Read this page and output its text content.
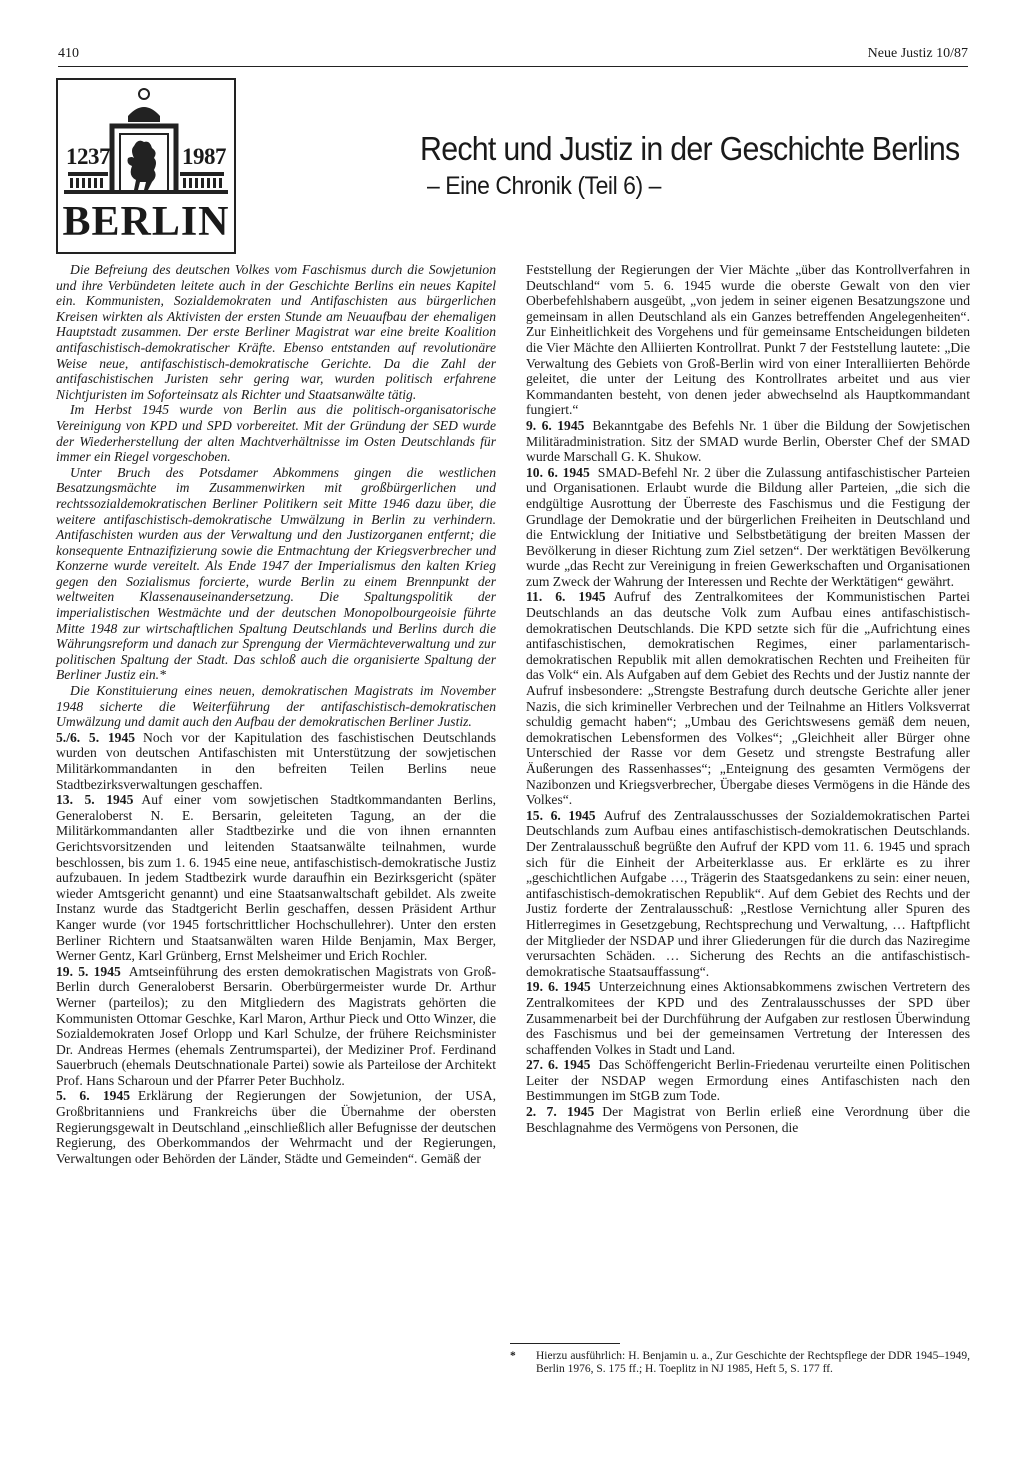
410	Neue Justiz 10/87
1237	1987
BERLIN
Recht und Justiz in der Geschichte Berlins
– Eine Chronik (Teil 6) –

Die Befreiung des deutschen Volkes vom Faschismus durch die Sowjetunion und ihre Verbündeten leitete auch in der Geschichte Berlins ein neues Kapitel ein. Kommunisten, Sozialdemokraten und Antifaschisten aus bürgerlichen Kreisen wirkten als Aktivisten der ersten Stunde am Neuaufbau der ehemaligen Hauptstadt zusammen. Der erste Berliner Magistrat war eine breite Koalition antifaschistisch-demokratischer Kräfte. Ebenso entstanden auf revolutionäre Weise neue, antifaschistisch-demokratische Gerichte. Da die Zahl der antifaschistischen Juristen sehr gering war, wurden politisch erfahrene Nichtjuristen im Soforteinsatz als Richter und Staatsanwälte tätig.

Im Herbst 1945 wurde von Berlin aus die politisch-organisatorische Vereinigung von KPD und SPD vorbereitet. Mit der Gründung der SED wurde der Wiederherstellung der alten Machtverhältnisse im Osten Deutschlands für immer ein Riegel vorgeschoben.

Unter Bruch des Potsdamer Abkommens gingen die westlichen Besatzungsmächte im Zusammenwirken mit großbürgerlichen und rechtssozialdemokratischen Berliner Politikern seit Mitte 1946 dazu über, die weitere antifaschistisch-demokratische Umwälzung in Berlin zu verhindern. Antifaschisten wurden aus der Verwaltung und den Justizorganen entfernt; die konsequente Entnazifizierung sowie die Entmachtung der Kriegsverbrecher und Konzerne wurde vereitelt. Als Ende 1947 der Imperialismus den kalten Krieg gegen den Sozialismus forcierte, wurde Berlin zu einem Brennpunkt der weltweiten Klassenauseinandersetzung. Die Spaltungspolitik der imperialistischen Westmächte und der deutschen Monopolbourgeoisie führte Mitte 1948 zur wirtschaftlichen Spaltung Deutschlands und Berlins durch die Währungsreform und danach zur Sprengung der Viermächteverwaltung und zur politischen Spaltung der Stadt. Das schloß auch die organisierte Spaltung der Berliner Justiz ein.*

Die Konstituierung eines neuen, demokratischen Magistrats im November 1948 sicherte die Weiterführung der antifaschistisch-demokratischen Umwälzung und damit auch den Aufbau der demokratischen Berliner Justiz.

5./6. 5. 1945 Noch vor der Kapitulation des faschistischen Deutschlands wurden von deutschen Antifaschisten mit Unterstützung der sowjetischen Militärkommandanten in den befreiten Teilen Berlins neue Stadtbezirksverwaltungen geschaffen.

13. 5. 1945 Auf einer vom sowjetischen Stadtkommandanten Berlins, Generaloberst N. E. Bersarin, geleiteten Tagung, an der die Militärkommandanten aller Stadtbezirke und die von ihnen ernannten Gerichtsvorsitzenden und leitenden Staatsanwälte teilnahmen, wurde beschlossen, bis zum 1. 6. 1945 eine neue, antifaschistisch-demokratische Justiz aufzubauen. In jedem Stadtbezirk wurde daraufhin ein Bezirksgericht (später wieder Amtsgericht genannt) und eine Staatsanwaltschaft gebildet. Als zweite Instanz wurde das Stadtgericht Berlin geschaffen, dessen Präsident Arthur Kanger wurde (vor 1945 fortschrittlicher Hochschullehrer). Unter den ersten Berliner Richtern und Staatsanwälten waren Hilde Benjamin, Max Berger, Werner Gentz, Karl Grünberg, Ernst Melsheimer und Erich Rochler.

19. 5. 1945 Amtseinführung des ersten demokratischen Magistrats von Groß-Berlin durch Generaloberst Bersarin. Oberbürgermeister wurde Dr. Arthur Werner (parteilos); zu den Mitgliedern des Magistrats gehörten die Kommunisten Ottomar Geschke, Karl Maron, Arthur Pieck und Otto Winzer, die Sozialdemokraten Josef Orlopp und Karl Schulze, der frühere Reichsminister Dr. Andreas Hermes (ehemals Zentrumspartei), der Mediziner Prof. Ferdinand Sauerbruch (ehemals Deutschnationale Partei) sowie als Parteilose der Architekt Prof. Hans Scharoun und der Pfarrer Peter Buchholz.

5. 6. 1945 Erklärung der Regierungen der Sowjetunion, der USA, Großbritanniens und Frankreichs über die Übernahme der obersten Regierungsgewalt in Deutschland „einschließlich aller Befugnisse der deutschen Regierung, des Oberkommandos der Wehrmacht und der Regierungen, Verwaltungen oder Behörden der Länder, Städte und Gemeinden“. Gemäß der

Feststellung der Regierungen der Vier Mächte „über das Kontrollverfahren in Deutschland“ vom 5. 6. 1945 wurde die oberste Gewalt von den vier Oberbefehlshabern ausgeübt, „von jedem in seiner eigenen Besatzungszone und gemeinsam in allen Deutschland als ein Ganzes betreffenden Angelegenheiten“. Zur Einheitlichkeit des Vorgehens und für gemeinsame Entscheidungen bildeten die Vier Mächte den Alliierten Kontrollrat. Punkt 7 der Feststellung lautete: „Die Verwaltung des Gebiets von Groß-Berlin wird von einer Interalliierten Behörde geleitet, die unter der Leitung des Kontrollrates arbeitet und aus vier Kommandanten besteht, von denen jeder abwechselnd als Hauptkommandant fungiert.“

9. 6. 1945 Bekanntgabe des Befehls Nr. 1 über die Bildung der Sowjetischen Militäradministration. Sitz der SMAD wurde Berlin, Oberster Chef der SMAD wurde Marschall G. K. Shukow.

10. 6. 1945 SMAD-Befehl Nr. 2 über die Zulassung antifaschistischer Parteien und Organisationen. Erlaubt wurde die Bildung aller Parteien, „die sich die endgültige Ausrottung der Überreste des Faschismus und die Festigung der Grundlage der Demokratie und der bürgerlichen Freiheiten in Deutschland und die Entwicklung der Initiative und Selbstbetätigung der breiten Massen der Bevölkerung in dieser Richtung zum Ziel setzen“. Der werktätigen Bevölkerung wurde „das Recht zur Vereinigung in freien Gewerkschaften und Organisationen zum Zweck der Wahrung der Interessen und Rechte der Werktätigen“ gewährt.

11. 6. 1945 Aufruf des Zentralkomitees der Kommunistischen Partei Deutschlands an das deutsche Volk zum Aufbau eines antifaschistisch-demokratischen Deutschlands. Die KPD setzte sich für die „Aufrichtung eines antifaschistischen, demokratischen Regimes, einer parlamentarisch-demokratischen Republik mit allen demokratischen Rechten und Freiheiten für das Volk“ ein. Als Aufgaben auf dem Gebiet des Rechts und der Justiz nannte der Aufruf insbesondere: „Strengste Bestrafung durch deutsche Gerichte aller jener Nazis, die sich krimineller Verbrechen und der Teilnahme an Hitlers Volksverrat schuldig gemacht haben“; „Umbau des Gerichtswesens gemäß dem neuen, demokratischen Lebensformen des Volkes“; „Gleichheit aller Bürger ohne Unterschied der Rasse vor dem Gesetz und strengste Bestrafung aller Äußerungen des Rassenhasses“; „Enteignung des gesamten Vermögens der Nazibonzen und Kriegsverbrecher, Übergabe dieses Vermögens in die Hände des Volkes“.

15. 6. 1945 Aufruf des Zentralausschusses der Sozialdemokratischen Partei Deutschlands zum Aufbau eines antifaschistisch-demokratischen Deutschlands. Der Zentralausschuß begrüßte den Aufruf der KPD vom 11. 6. 1945 und sprach sich für die Einheit der Arbeiterklasse aus. Er erklärte es zu ihrer „geschichtlichen Aufgabe …, Trägerin des Staatsgedankens zu sein: einer neuen, antifaschistisch-demokratischen Republik“. Auf dem Gebiet des Rechts und der Justiz forderte der Zentralausschuß: „Restlose Vernichtung aller Spuren des Hitlerregimes in Gesetzgebung, Rechtsprechung und Verwaltung, … Haftpflicht der Mitglieder der NSDAP und ihrer Gliederungen für die durch das Naziregime verursachten Schäden. … Sicherung des Rechts an die antifaschistisch-demokratische Staatsauffassung“.

19. 6. 1945 Unterzeichnung eines Aktionsabkommens zwischen Vertretern des Zentralkomitees der KPD und des Zentralausschusses der SPD über Zusammenarbeit bei der Durchführung der Aufgaben zur restlosen Überwindung des Faschismus und bei der gemeinsamen Vertretung der Interessen des schaffenden Volkes in Stadt und Land.

27. 6. 1945 Das Schöffengericht Berlin-Friedenau verurteilte einen Politischen Leiter der NSDAP wegen Ermordung eines Antifaschisten nach den Bestimmungen im StGB zum Tode.

2. 7. 1945 Der Magistrat von Berlin erließ eine Verordnung über die Beschlagnahme des Vermögens von Personen, die

* Hierzu ausführlich: H. Benjamin u. a., Zur Geschichte der Rechtspflege der DDR 1945–1949, Berlin 1976, S. 175 ff.; H. Toeplitz in NJ 1985, Heft 5, S. 177 ff.
